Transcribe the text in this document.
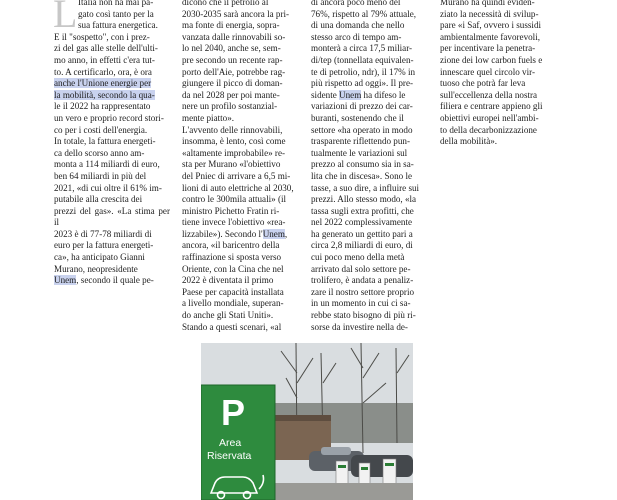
L Italia non ha mai pa-

gato così tanto per la

sua fattura energetica.

E il "sospetto", con i prez-

zi del gas alle stelle dell'ulti-

mo anno, in effetti c'era tut-

to. A certificarlo, ora, è ora

anche l'Unione energie per

la mobilità, secondo la qua-

le il 2022 ha rappresentato

un vero e proprio record stori-

co per i costi dell'energia.

In totale, la fattura energeti-

ca dello scorso anno am-

monta a 114 miliardi di euro,

ben 64 miliardi in più del

2021, «di cui oltre il 61% im-

putabile alla crescita dei

prezzi del gas». «La stima per il

2023 è di 77-78 miliardi di

euro per la fattura energeti-

ca», ha anticipato Gianni

Murano, neopresidente

Unem, secondo il quale pe-

dicono che il petrolio al

2030-2035 sarà ancora la pri-

ma fonte di energia, sopra-

vanzata dalle rinnovabili so-

lo nel 2040, anche se, sem-

pre secondo un recente rap-

porto dell'Aie, potrebbe rag-

giungere il picco di doman-

da nel 2028 per poi mante-

nere un profilo sostanzial-

mente piatto».

L'avvento delle rinnovabili,

insomma, è lento, così come

«altamente improbabile» re-

sta per Murano «l'obiettivo

del Pniec di arrivare a 6,5 mi-

lioni di auto elettriche al 2030,

contro le 300mila attuali» (il

ministro Pichetto Fratin ri-

tiene invece l'obiettivo «rea-

lizzabile»). Secondo l'Unem,

ancora, «il baricentro della

raffinazione si sposta verso

Oriente, con la Cina che nel

2022 è diventata il primo

Paese per capacità installata

a livello mondiale, superan-

do anche gli Stati Uniti».

Stando a questi scenari, «al

di ancora poco meno del

76%, rispetto al 79% attuale,

di una domanda che nello

stesso arco di tempo am-

monterà a circa 17,5 miliar-

di/tep (tonnellata equivalen-

te di petrolio, ndr), il 17% in

più rispetto ad oggi». Il pre-

sidente Unem ha difeso le

variazioni di prezzo dei car-

buranti, sostenendo che il

settore «ha operato in modo

trasparente riflettendo pun-

tualmente le variazioni sul

prezzo al consumo sia in sa-

lita che in discesa». Sono le

tasse, a suo dire, a influire sui

prezzi. Allo stesso modo, «la

tassa sugli extra profitti, che

nel 2022 complessivamente

ha generato un gettito pari a

circa 2,8 miliardi di euro, di

cui poco meno della metà

arrivato dal solo settore pe-

trolifero, è andata a penaliz-

zare il nostro settore proprio

in un momento in cui ci sa-

rebbe stato bisogno di più ri-

sorse da investire nella de-

Murano ha quindi eviden-

ziato la necessità di svilup-

pare «i Saf, ovvero i sussidi

ambientalmente favorevoli,

per incentivare la penetra-

zione dei low carbon fuels e

innescare quel circolo vir-

tuoso che potrà far leva

sull'eccellenza della nostra

filiera e centrare appieno gli

obiettivi europei nell'ambi-

to della decarbonizzazione

della mobilità».

P
Area
Riservata
